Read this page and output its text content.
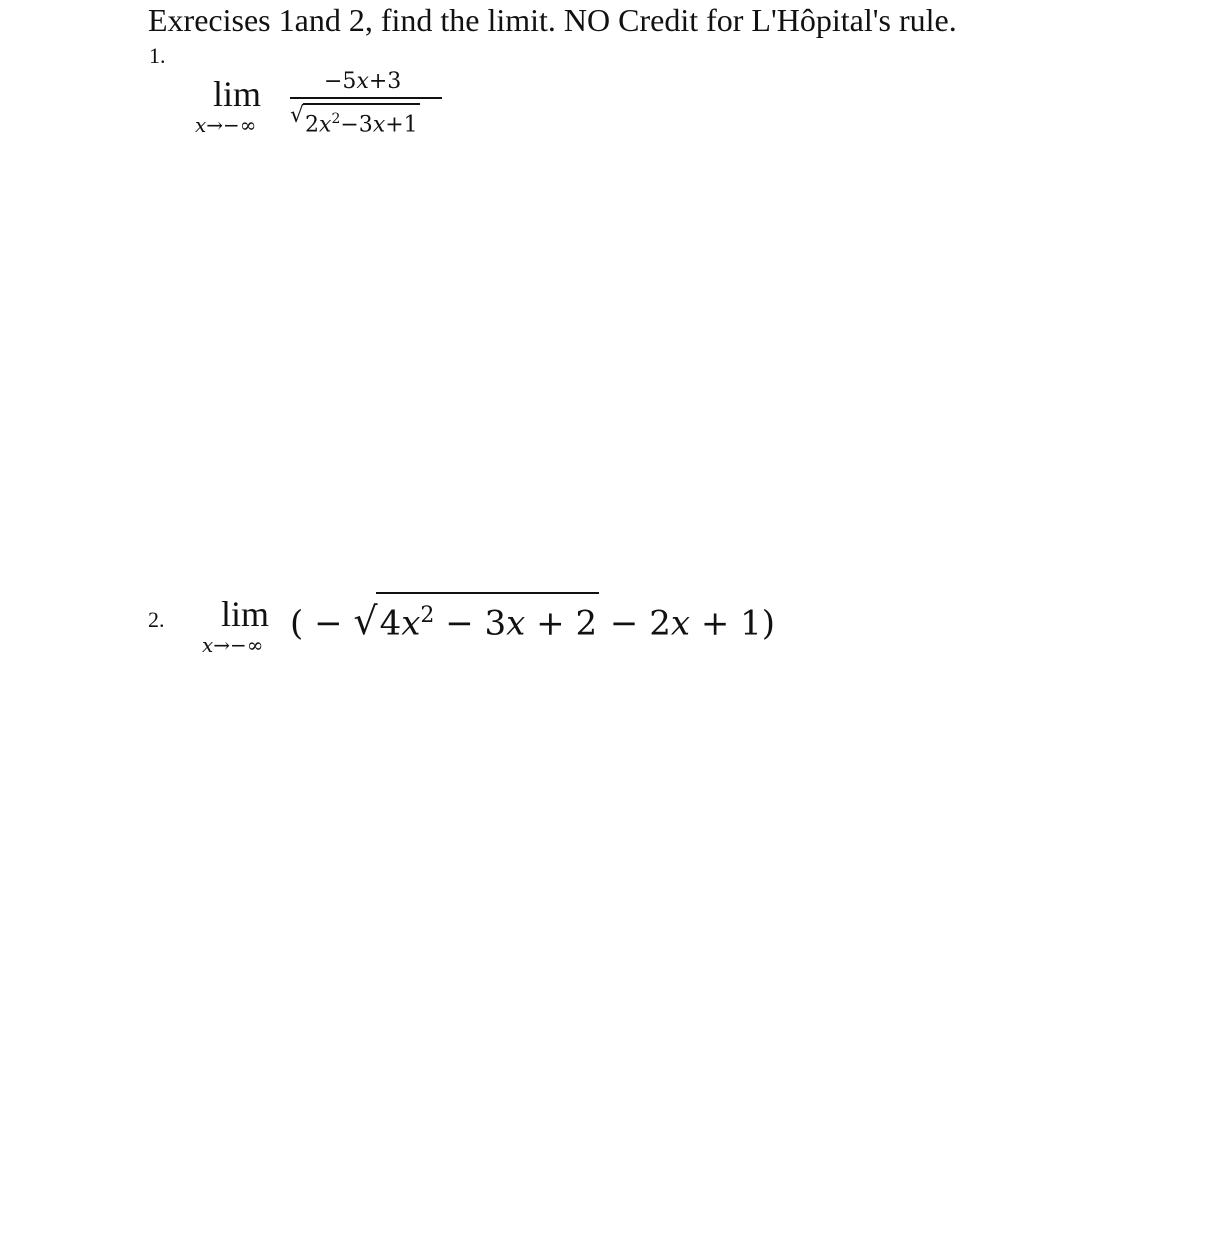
Exrecises 1and 2, find the limit. NO Credit for L'Hôpital's rule.
1.
lim
x→−∞
−5x+3
$√2x^2-3x+1$
2. lim
x→−∞
( − $√4x^2 - 3x + 2 - 2x + 1$)
